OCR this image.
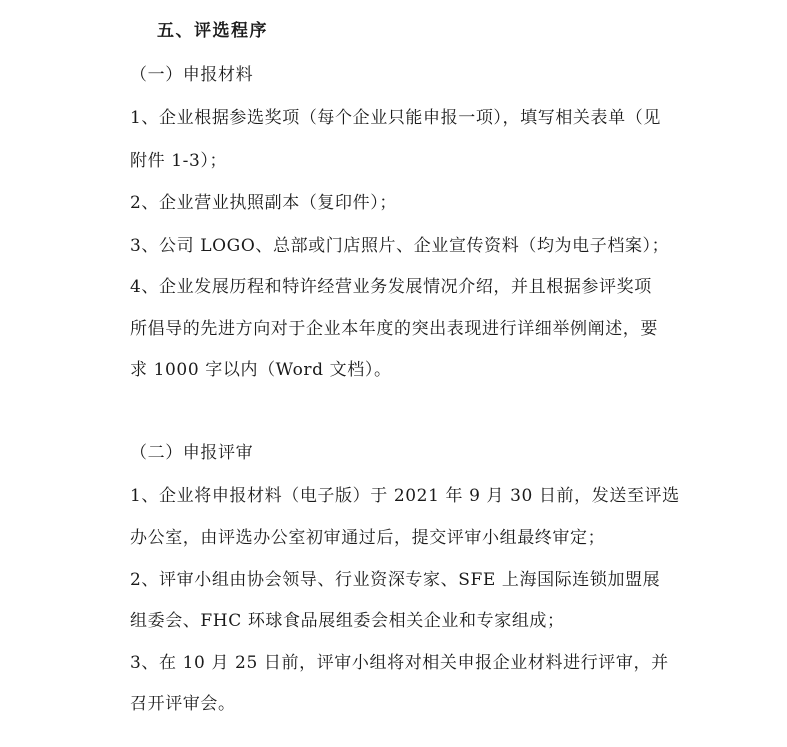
五、评选程序
（一）申报材料
1、企业根据参选奖项（每个企业只能申报一项），填写相关表单（见
附件 1-3）；
2、企业营业执照副本（复印件）；
3、公司 LOGO、总部或门店照片、企业宣传资料（均为电子档案）；
4、企业发展历程和特许经营业务发展情况介绍，并且根据参评奖项
所倡导的先进方向对于企业本年度的突出表现进行详细举例阐述，要
求 1000 字以内（Word 文档）。
（二）申报评审
1、企业将申报材料（电子版）于 2021 年 9 月 30 日前，发送至评选
办公室，由评选办公室初审通过后，提交评审小组最终审定；
2、评审小组由协会领导、行业资深专家、SFE 上海国际连锁加盟展
组委会、FHC 环球食品展组委会相关企业和专家组成；
3、在 10 月 25 日前，评审小组将对相关申报企业材料进行评审，并
召开评审会。
